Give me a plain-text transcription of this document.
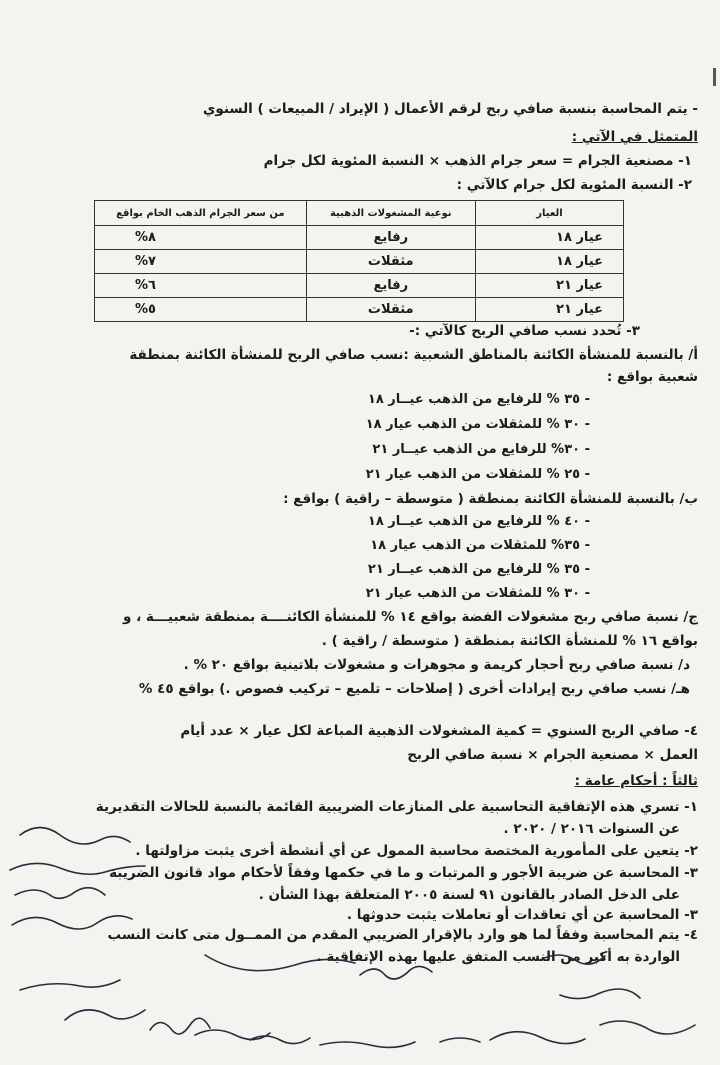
- يتم المحاسبة بنسبة صافي ربح لرقم الأعمال ( الإيراد / المبيعات ) السنوي
المتمثل في الآتي :
١- مصنعية الجرام = سعر جرام الذهب × النسبة المئوية لكل جرام
٢- النسبة المئوية لكل جرام كالآتي :
العيار	نوعية المشغولات الذهبية	من سعر الجرام الذهب الخام بواقع
عيار ١٨	رفايع	٨%
عيار ١٨	مثقلات	٧%
عيار ٢١	رفايع	٦%
عيار ٢١	مثقلات	٥%
٣- تُحدد نسب صافي الربح كالآتي :-
أ/ بالنسبة للمنشأة الكائنة بالمناطق الشعبية :نسب صافي الربح للمنشأة الكائنة بمنطقة
شعبية بواقع :
- ٣٥ % للرفايع من الذهب عيــار ١٨
- ٣٠ % للمثقلات من الذهب عيار ١٨
- ٣٠% للرفايع من الذهب عيــار ٢١
- ٢٥ % للمثقلات من الذهب عيار ٢١
ب/ بالنسبة للمنشأة الكائنة بمنطقة ( متوسطة – راقية ) بواقع :
- ٤٠ % للرفايع من الذهب عيــار ١٨
- ٣٥% للمثقلات من الذهب عيار ١٨
- ٣٥ % للرفايع من الذهب عيــار ٢١
- ٣٠ % للمثقلات من الذهب عيار ٢١
ج/ نسبة صافي ربح مشغولات الفضة بواقع ١٤ % للمنشأة الكائنــــة بمنطقة شعبيـــة ، و
بواقع ١٦ % للمنشأة الكائنة بمنطقة ( متوسطة / راقية ) .
د/ نسبة صافي ربح أحجار كريمة و مجوهرات و مشغولات بلاتينية بواقع ٢٠ % .
هـ/ نسب صافي ربح إيرادات أخرى ( إصلاحات – تلميع – تركيب فصوص .) بواقع ٤٥ %
٤- صافي الربح السنوي = كمية المشغولات الذهبية المباعة لكل عيار × عدد أيام
العمل × مصنعية الجرام × نسبة صافي الربح
ثالثاً : أحكام عامة :
١- تسري هذه الإتفاقية التحاسبية على المنازعات الضريبية القائمة بالنسبة للحالات التقديرية
عن السنوات ٢٠١٦ / ٢٠٢٠ .
٢- يتعين على المأمورية المختصة محاسبة الممول عن أي أنشطة أخرى يثبت مزاولتها .
٣- المحاسبة عن ضريبة الأجور و المرتبات و ما في حكمها وفقاً لأحكام مواد قانون الضريبة
على الدخل الصادر بالقانون ٩١ لسنة ٢٠٠٥ المتعلقة بهذا الشأن .
٣- المحاسبة عن أي تعاقدات أو تعاملات يثبت حدوثها .
٤- يتم المحاسبة وفقاً لما هو وارد بالإقرار الضريبي المقدم من الممــول متى كانت النسب
الواردة به أكبر من النسب المتفق عليها بهذه الإتفاقية .
